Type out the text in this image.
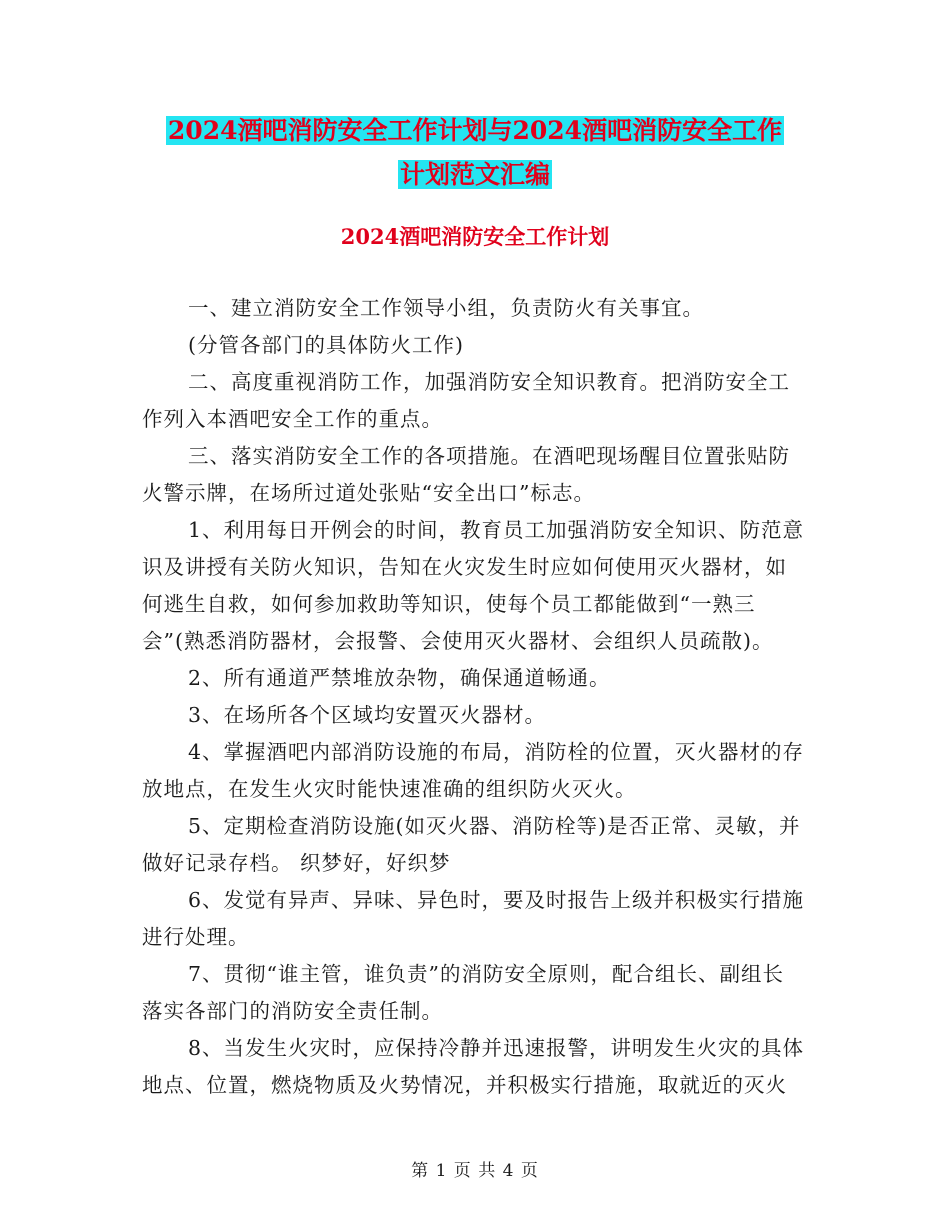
2024酒吧消防安全工作计划与2024酒吧消防安全工作
计划范文汇编
2024酒吧消防安全工作计划
一、建立消防安全工作领导小组，负责防火有关事宜。
(分管各部门的具体防火工作)
二、高度重视消防工作，加强消防安全知识教育。把消防安全工
作列入本酒吧安全工作的重点。
三、落实消防安全工作的各项措施。在酒吧现场醒目位置张贴防
火警示牌，在场所过道处张贴“安全出口”标志。
1、利用每日开例会的时间，教育员工加强消防安全知识、防范意
识及讲授有关防火知识，告知在火灾发生时应如何使用灭火器材，如
何逃生自救，如何参加救助等知识，使每个员工都能做到“一熟三
会”(熟悉消防器材，会报警、会使用灭火器材、会组织人员疏散)。
2、所有通道严禁堆放杂物，确保通道畅通。
3、在场所各个区域均安置灭火器材。
4、掌握酒吧内部消防设施的布局，消防栓的位置，灭火器材的存
放地点，在发生火灾时能快速准确的组织防火灭火。
5、定期检查消防设施(如灭火器、消防栓等)是否正常、灵敏，并
做好记录存档。 织梦好，好织梦
6、发觉有异声、异味、异色时，要及时报告上级并积极实行措施
进行处理。
7、贯彻“谁主管，谁负责”的消防安全原则，配合组长、副组长
落实各部门的消防安全责任制。
8、当发生火灾时，应保持冷静并迅速报警，讲明发生火灾的具体
地点、位置，燃烧物质及火势情况，并积极实行措施，取就近的灭火
第 1 页 共 4 页
